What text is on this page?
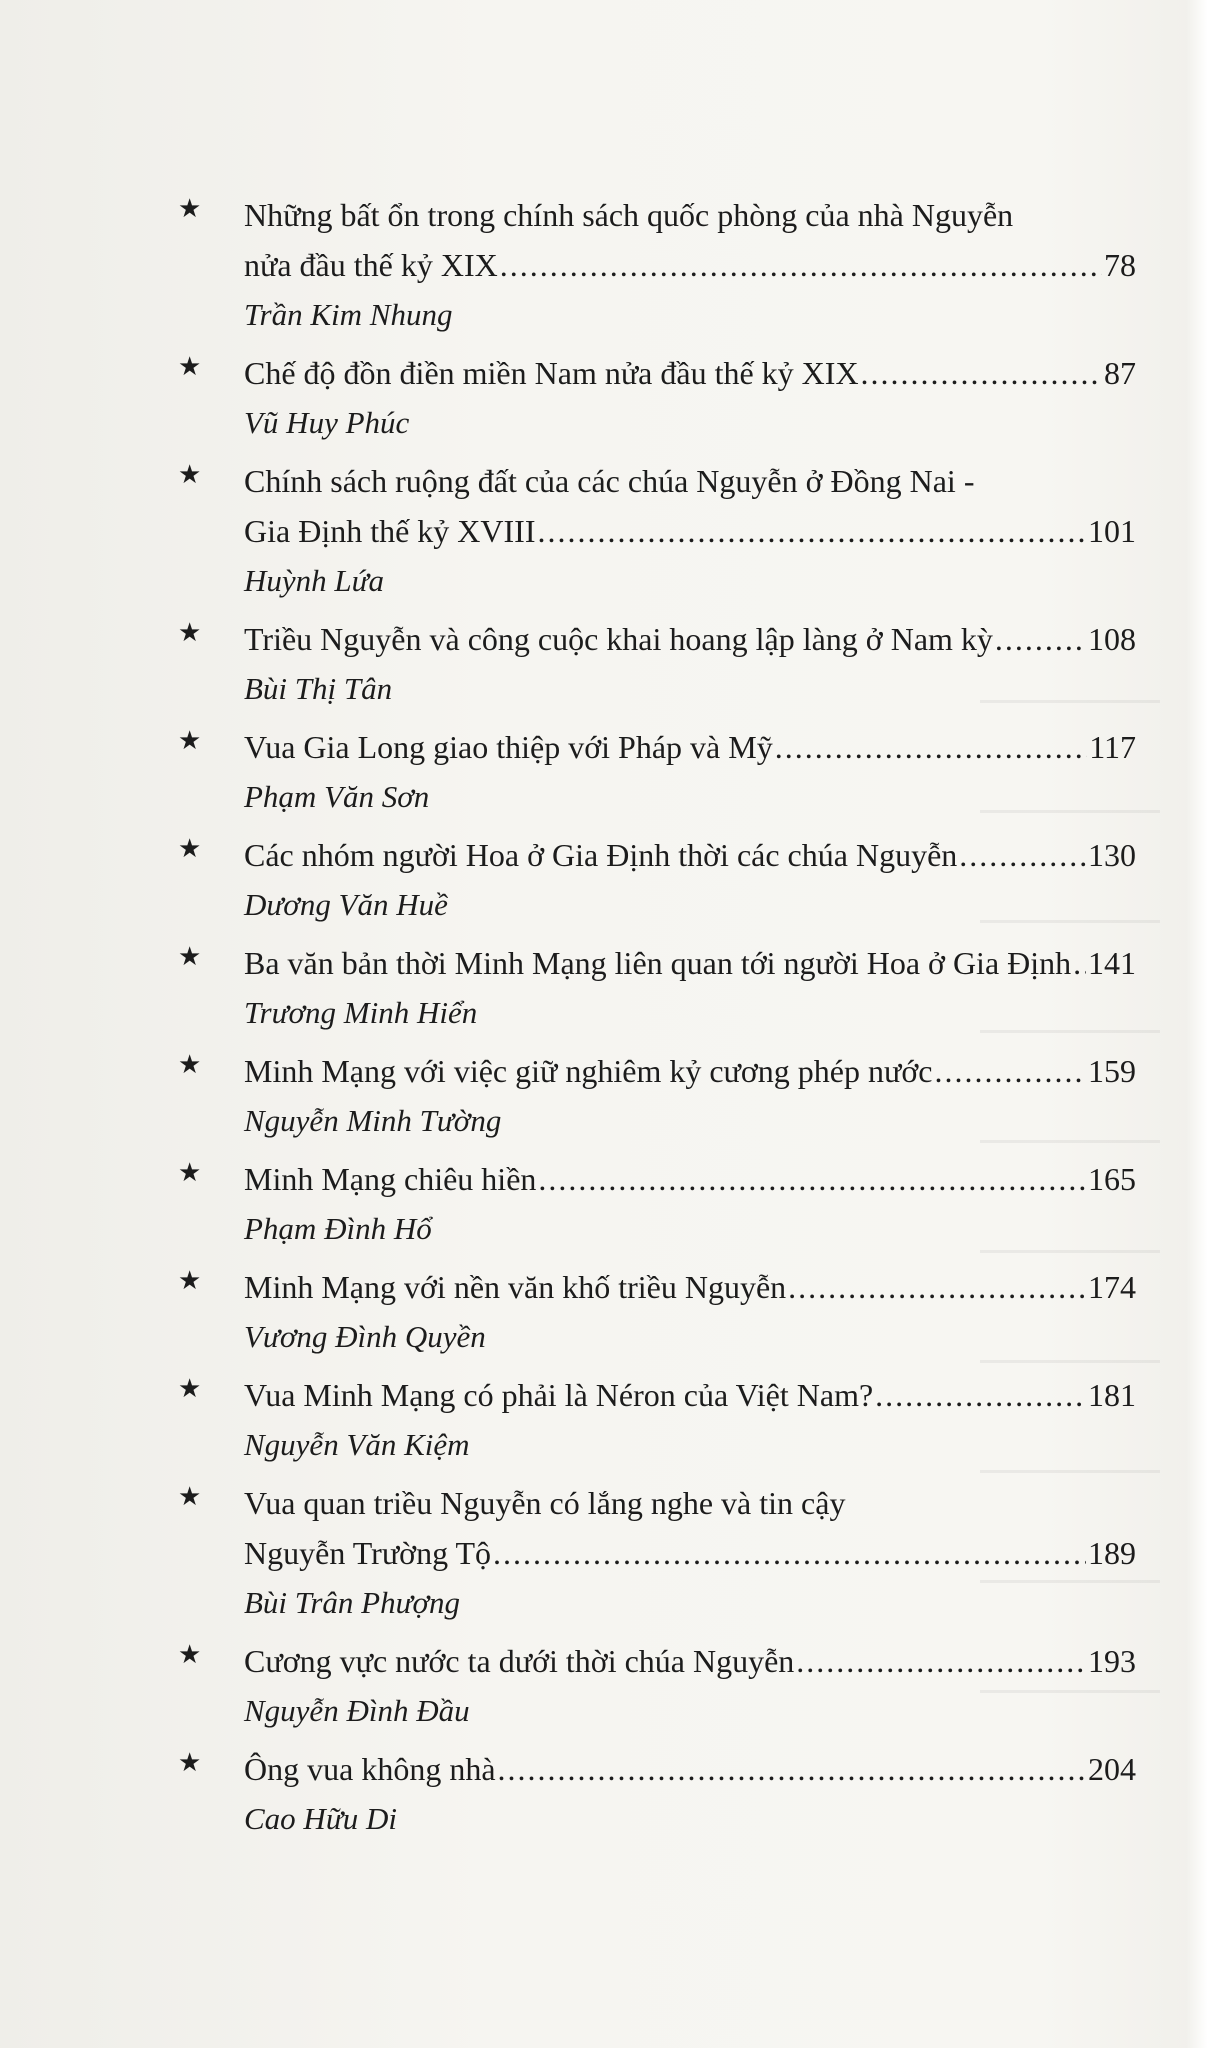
★ Những bất ổn trong chính sách quốc phòng của nhà Nguyễn
nửa đầu thế kỷ XIX .....	78
Trần Kim Nhung
★ Chế độ đồn điền miền Nam nửa đầu thế kỷ XIX .....	87
Vũ Huy Phúc
★ Chính sách ruộng đất của các chúa Nguyễn ở Đồng Nai -
Gia Định thế kỷ XVIII .....	101
Huỳnh Lứa
★ Triều Nguyễn và công cuộc khai hoang lập làng ở Nam kỳ .....	108
Bùi Thị Tân
★ Vua Gia Long giao thiệp với Pháp và Mỹ .....	117
Phạm Văn Sơn
★ Các nhóm người Hoa ở Gia Định thời các chúa Nguyễn .....	130
Dương Văn Huề
★ Ba văn bản thời Minh Mạng liên quan tới người Hoa ở Gia Định ..... 141
Trương Minh Hiển
★ Minh Mạng với việc giữ nghiêm kỷ cương phép nước .....	159
Nguyễn Minh Tường
★ Minh Mạng chiêu hiền .....	165
Phạm Đình Hổ
★ Minh Mạng với nền văn khố triều Nguyễn .....	174
Vương Đình Quyền
★ Vua Minh Mạng có phải là Néron của Việt Nam? .....	181
Nguyễn Văn Kiệm
★ Vua quan triều Nguyễn có lắng nghe và tin cậy
Nguyễn Trường Tộ .....	189
Bùi Trân Phượng
★ Cương vực nước ta dưới thời chúa Nguyễn .....	193
Nguyễn Đình Đầu
★ Ông vua không nhà .....	204
Cao Hữu Di
